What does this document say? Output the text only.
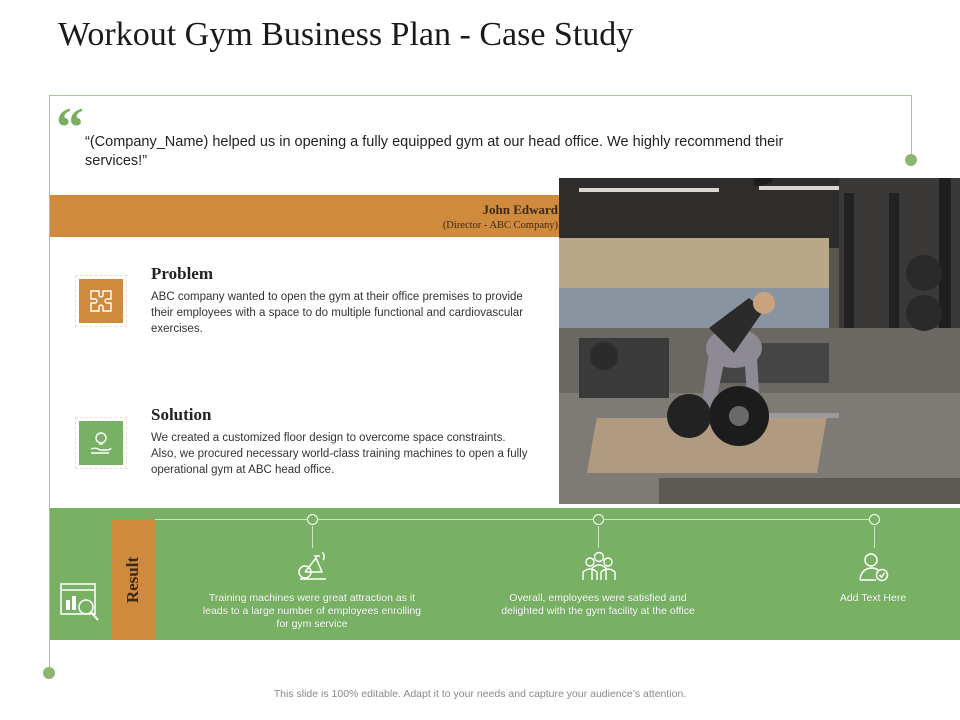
Workout Gym Business Plan - Case Study
“ “(Company_Name) helped us in opening a fully equipped gym at our head office. We highly recommend their services!”
John Edward
(Director - ABC Company)
Problem
ABC company wanted to open the gym at their office premises to provide their employees with a space to do multiple functional and cardiovascular exercises.
Solution
We created a customized floor design to overcome space constraints. Also, we procured necessary world-class training machines to open a fully operational gym at ABC head office.
Result	Training machines were great attraction as it leads to a large number of employees enrolling for gym service
Overall, employees were satisfied and delighted with the gym facility at the office
Add Text Here
This slide is 100% editable. Adapt it to your needs and capture your audience’s attention.
